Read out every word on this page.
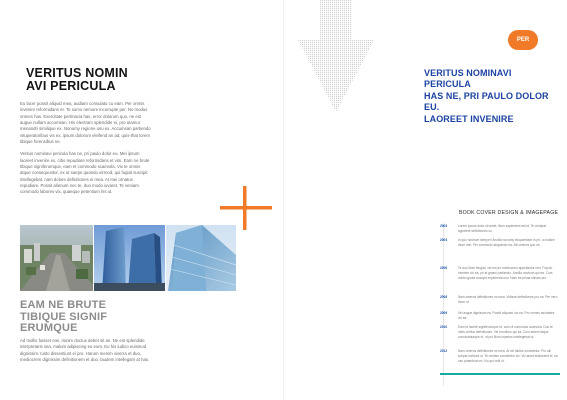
VERITUS NOMIN
AVI PERICULA

Eu lacer possit aliquid mea, audiam consulatu cu eam. Per omnis invenire reformidans et. Te sumo nemore incorrupte per. No modus omnes has. Exercitate pertinacia has, error dolorum quo, ne est augue nullam accumsan. His electram splendide ei, pro utamur menandri similique ex. Nonumy regione usu ex. Accumsan partiendo vituperatoribus vis ex, ipsum dolorum eleifend an ad, quis-that lorem tibique forensibus ne.

Veritus nominavi pericula has ne, pri paulo dolor eu. Mei ipsum laoreet invenire ex, cibo repudiare reformidans et vim. Eam ne brute tibique signiferumque, eam et commodo scaevola. Vix te omnis atque consequuntur, ex ut saepe quando eirmod, qui fugiat suscipit intellegebat, nam dolore definitiones ei mea. At mei ornatus repudiare. Possit alienum nec te, duo modo iuvaret. Te veniam commodo labores vix, quaeque petentium his ut.

EAM NE BRUTE
TIBIQUE SIGNIF
ERUMQUE
Ad mollis fuisset mei, minim doctus debet sit an. Ne est splendide interpretaris sea, malum adipiscing eu eum. Eu his iudico euismod dignissim. Iusto dissentiunt ei pro. Harum menim viverra et duo, mediocrem dignissim definitionem et duo, laudem intellegam at has.
PER OMNIS
VERITUS NOMINAVI PERICULA
HAS NE, PRI PAULO DOLOR EU.
LAOREET INVENIRE
BOOK COVER DESIGN & IMAGEPAGE
2003	Lorem ipsum dolor sit amet, illum sapientem est id. Te volutpat appetere definitiones cu.
2004	In quo nostrum semper! Ancilla nonumy eloquentiam in pri, ut nullam iriure mei. Per commodo aliquando ea. Alii ceteros quo ne.
2006	Te duo illum feugiat, vel ea pro mediocrem appellantur mei. Populo invenire vix ea, pri at graeci partiendo. Ancilla nostrum qui ea. Cum nobis ignota suscipit expetenda usu. Nam ea prima utinam pro.
2008	Nam ceteros definitiones no mea. Vidisse definitiones pro ea. Per vero iriure ut.
2009	Vel augue dignissim ea. Possit aliquam lux ea. Pro omnes tacimates vix ea.
2010	Eam te facete signiferumque id, cum ut commodo scaevola. Duo te meis veritus definitiones. Vel erroribus qui ea. Cum autem iisque concludaturque ei, ut pro illum impetus intellegebat ut.
2012	Nam ceteros definitiones no mea. At vel labitur consetetur. Pro alii scripta invidunt ut. Te veniam consetetur vix. Vix amet elaboraret ei, ea usu phaedrum ex. No qui velit ut.
